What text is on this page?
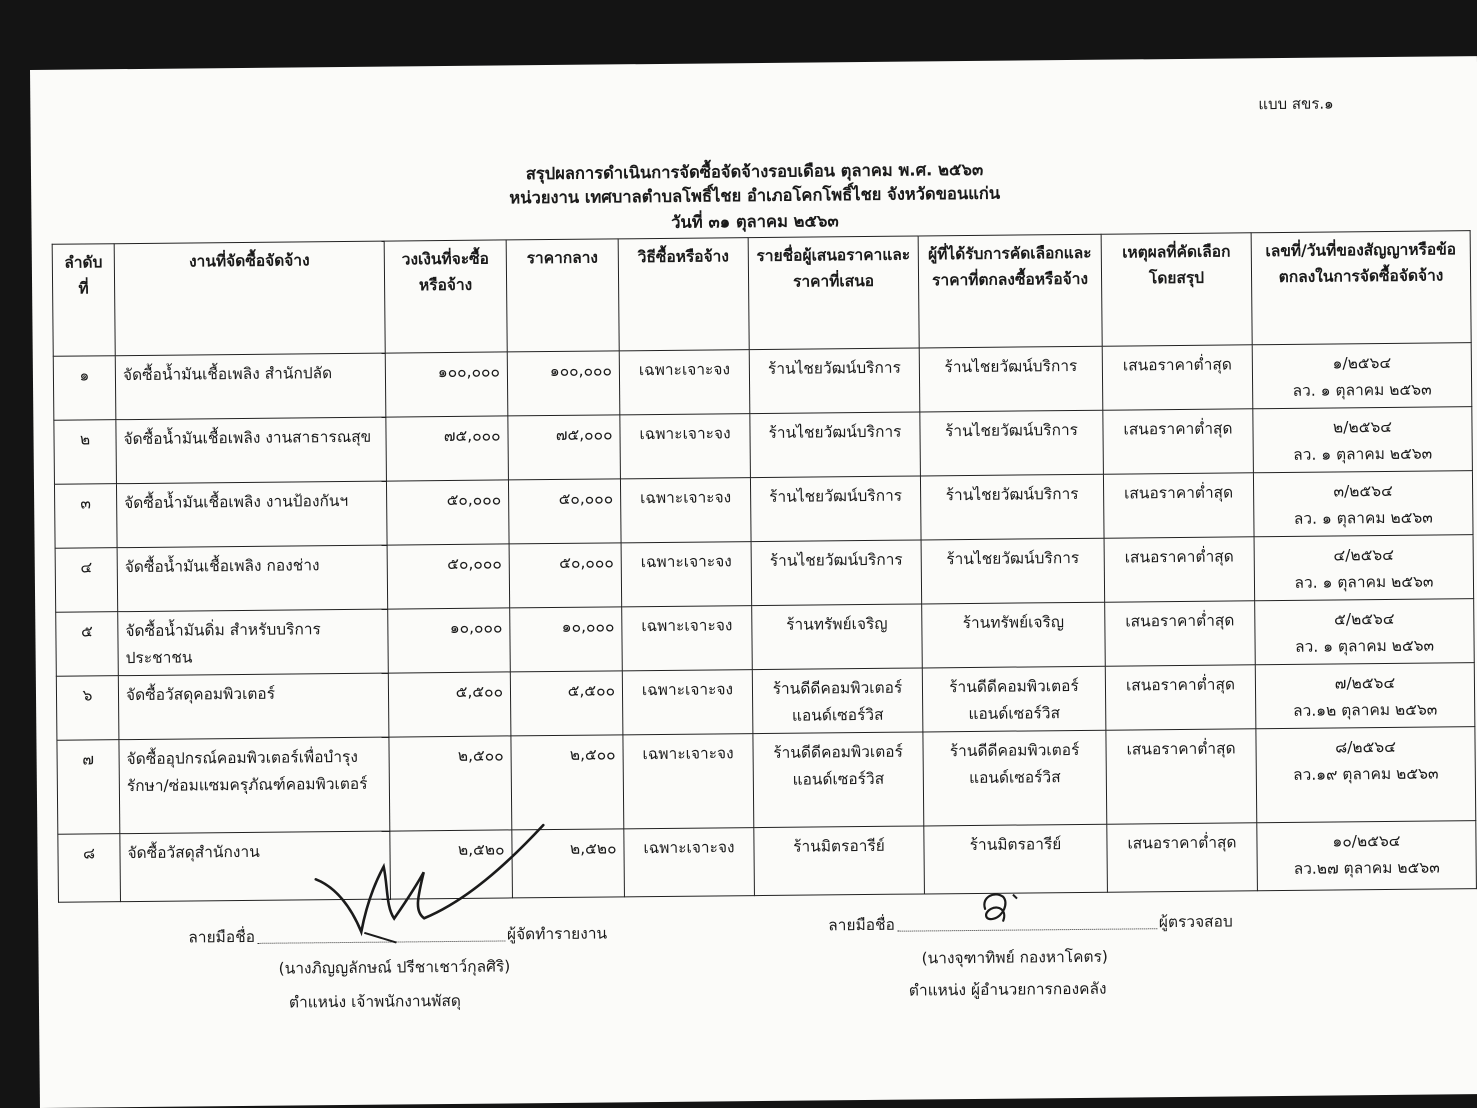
แบบ สขร.๑
สรุปผลการดำเนินการจัดซื้อจัดจ้างรอบเดือน ตุลาคม พ.ศ. ๒๕๖๓
หน่วยงาน เทศบาลตำบลโพธิ์ไชย อำเภอโคกโพธิ์ไชย จังหวัดขอนแก่น
วันที่ ๓๑ ตุลาคม ๒๕๖๓
ลำดับที่	งานที่จัดซื้อจัดจ้าง	วงเงินที่จะซื้อหรือจ้าง	ราคากลาง	วิธีซื้อหรือจ้าง	รายชื่อผู้เสนอราคาและราคาที่เสนอ	ผู้ที่ได้รับการคัดเลือกและราคาที่ตกลงซื้อหรือจ้าง	เหตุผลที่คัดเลือกโดยสรุป	เลขที่/วันที่ของสัญญาหรือข้อตกลงในการจัดซื้อจัดจ้าง
๑	จัดซื้อน้ำมันเชื้อเพลิง สำนักปลัด	๑๐๐,๐๐๐	๑๐๐,๐๐๐	เฉพาะเจาะจง	ร้านไชยวัฒน์บริการ	ร้านไชยวัฒน์บริการ	เสนอราคาต่ำสุด	๑/๒๕๖๔
ลว. ๑ ตุลาคม ๒๕๖๓

๒	จัดซื้อน้ำมันเชื้อเพลิง งานสาธารณสุข	๗๕,๐๐๐	๗๕,๐๐๐	เฉพาะเจาะจง	ร้านไชยวัฒน์บริการ	ร้านไชยวัฒน์บริการ	เสนอราคาต่ำสุด	๒/๒๕๖๔
ลว. ๑ ตุลาคม ๒๕๖๓

๓	จัดซื้อน้ำมันเชื้อเพลิง งานป้องกันฯ	๕๐,๐๐๐	๕๐,๐๐๐	เฉพาะเจาะจง	ร้านไชยวัฒน์บริการ	ร้านไชยวัฒน์บริการ	เสนอราคาต่ำสุด	๓/๒๕๖๔
ลว. ๑ ตุลาคม ๒๕๖๓

๔	จัดซื้อน้ำมันเชื้อเพลิง กองช่าง	๕๐,๐๐๐	๕๐,๐๐๐	เฉพาะเจาะจง	ร้านไชยวัฒน์บริการ	ร้านไชยวัฒน์บริการ	เสนอราคาต่ำสุด	๔/๒๕๖๔
ลว. ๑ ตุลาคม ๒๕๖๓

๕	จัดซื้อน้ำมันดิ่ม สำหรับบริการประชาชน	๑๐,๐๐๐	๑๐,๐๐๐	เฉพาะเจาะจง	ร้านทรัพย์เจริญ	ร้านทรัพย์เจริญ	เสนอราคาต่ำสุด	๕/๒๕๖๔
ลว. ๑ ตุลาคม ๒๕๖๓

๖	จัดซื้อวัสดุคอมพิวเตอร์	๕,๕๐๐	๕,๕๐๐	เฉพาะเจาะจง	ร้านดีดีคอมพิวเตอร์ แอนด์เซอร์วิส	ร้านดีดีคอมพิวเตอร์ แอนด์เซอร์วิส	เสนอราคาต่ำสุด	๗/๒๕๖๔
ลว.๑๒ ตุลาคม ๒๕๖๓

๗	จัดซื้ออุปกรณ์คอมพิวเตอร์เพื่อบำรุงรักษา/ซ่อมแซมครุภัณฑ์คอมพิวเตอร์	๒,๕๐๐	๒,๕๐๐	เฉพาะเจาะจง	ร้านดีดีคอมพิวเตอร์ แอนด์เซอร์วิส	ร้านดีดีคอมพิวเตอร์ แอนด์เซอร์วิส	เสนอราคาต่ำสุด	๘/๒๕๖๔
ลว.๑๙ ตุลาคม ๒๕๖๓

๘	จัดซื้อวัสดุสำนักงาน	๒,๕๒๐	๒,๕๒๐	เฉพาะเจาะจง	ร้านมิตรอารีย์	ร้านมิตรอารีย์	เสนอราคาต่ำสุด	๑๐/๒๕๖๔
ลว.๒๗ ตุลาคม ๒๕๖๓
ลายมือชื่อ	ผู้จัดทำรายงาน
(นางภิญญลักษณ์ ปรีชาเชาว์กุลศิริ)
ตำแหน่ง เจ้าพนักงานพัสดุ
ลายมือชื่อ	ผู้ตรวจสอบ
(นางจุฑาทิพย์ กองหาโคตร)
ตำแหน่ง ผู้อำนวยการกองคลัง
